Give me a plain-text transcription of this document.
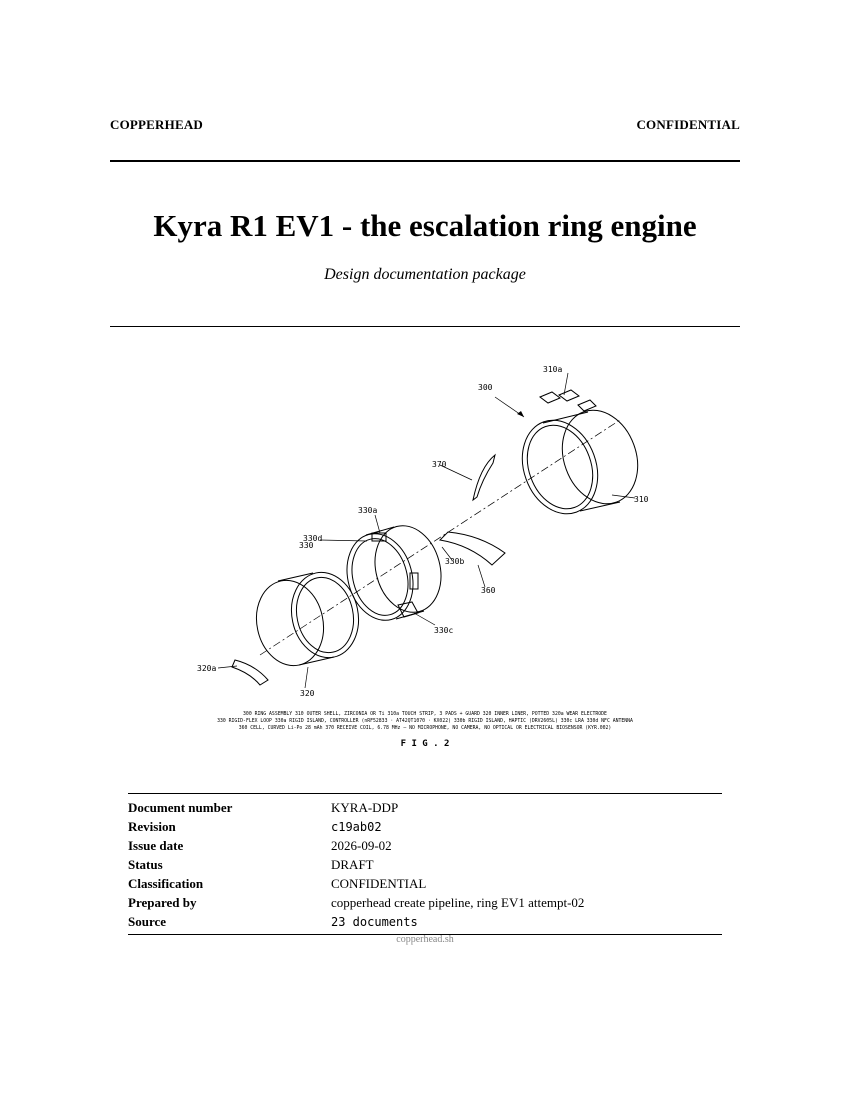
COPPERHEAD	CONFIDENTIAL
Kyra R1 EV1 - the escalation ring engine
Design documentation package
300
310a
370
310
330a
330d
330
330b
360
330c
320a
320
300 RING ASSEMBLY 310 OUTER SHELL, ZIRCONIA OR Ti 310a TOUCH STRIP, 3 PADS + GUARD 320 INNER LINER, POTTED 320a WEAR ELECTRODE
330 RIGID-FLEX LOOP 330a RIGID ISLAND, CONTROLLER (nRF52833 · AT42QT1070 · KX022) 330b RIGID ISLAND, HAPTIC (DRV2605L) 330c LRA 330d NFC ANTENNA
360 CELL, CURVED Li-Po 28 mAh 370 RECEIVE COIL, 6.78 MHz — NO MICROPHONE, NO CAMERA, NO OPTICAL OR ELECTRICAL BIOSENSOR (KYR.002)
F I G . 2
Document number	KYRA-DDP
Revision	c19ab02
Issue date	2026-09-02
Status	DRAFT
Classification	CONFIDENTIAL
Prepared by	copperhead create pipeline, ring EV1 attempt-02
Source	23 documents
copperhead.sh
